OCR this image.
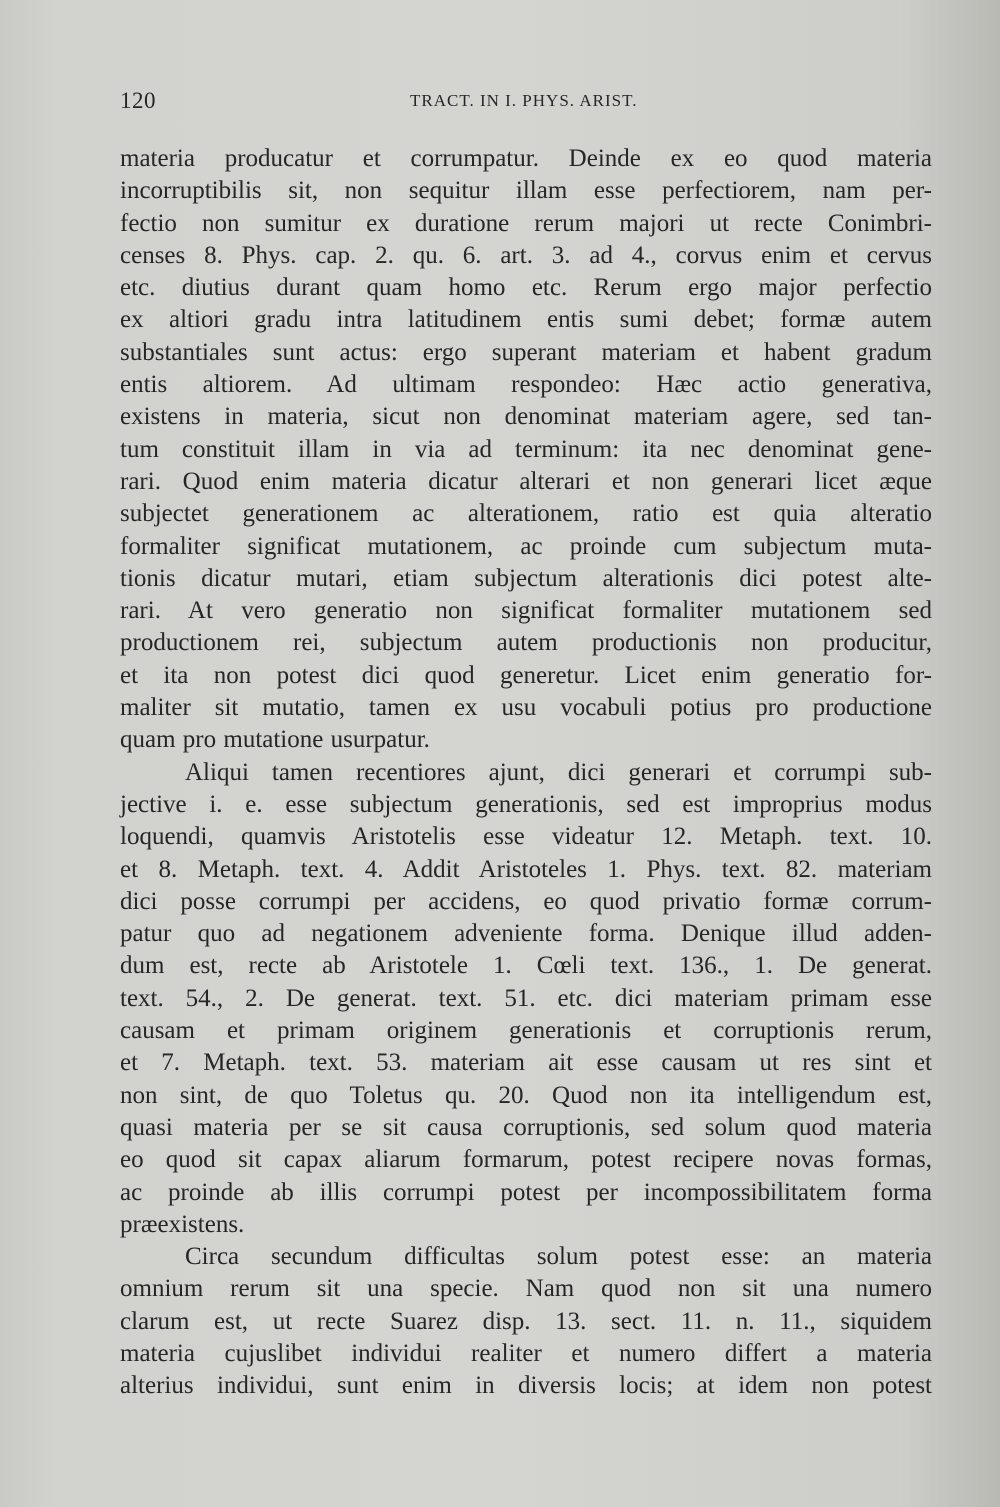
120	TRACT. IN I. PHYS. ARIST.
materia producatur et corrumpatur. Deinde ex eo quod materia
incorruptibilis sit, non sequitur illam esse perfectiorem, nam per-
fectio non sumitur ex duratione rerum majori ut recte Conimbri-
censes 8. Phys. cap. 2. qu. 6. art. 3. ad 4., corvus enim et cervus
etc. diutius durant quam homo etc. Rerum ergo major perfectio
ex altiori gradu intra latitudinem entis sumi debet; formæ autem
substantiales sunt actus: ergo superant materiam et habent gradum
entis altiorem. Ad ultimam respondeo: Hæc actio generativa,
existens in materia, sicut non denominat materiam agere, sed tan-
tum constituit illam in via ad terminum: ita nec denominat gene-
rari. Quod enim materia dicatur alterari et non generari licet æque
subjectet generationem ac alterationem, ratio est quia alteratio
formaliter significat mutationem, ac proinde cum subjectum muta-
tionis dicatur mutari, etiam subjectum alterationis dici potest alte-
rari. At vero generatio non significat formaliter mutationem sed
productionem rei, subjectum autem productionis non producitur,
et ita non potest dici quod generetur. Licet enim generatio for-
maliter sit mutatio, tamen ex usu vocabuli potius pro productione
quam pro mutatione usurpatur.
Aliqui tamen recentiores ajunt, dici generari et corrumpi sub-
jective i. e. esse subjectum generationis, sed est improprius modus
loquendi, quamvis Aristotelis esse videatur 12. Metaph. text. 10.
et 8. Metaph. text. 4. Addit Aristoteles 1. Phys. text. 82. materiam
dici posse corrumpi per accidens, eo quod privatio formæ corrum-
patur quo ad negationem adveniente forma. Denique illud adden-
dum est, recte ab Aristotele 1. Cœli text. 136., 1. De generat.
text. 54., 2. De generat. text. 51. etc. dici materiam primam esse
causam et primam originem generationis et corruptionis rerum,
et 7. Metaph. text. 53. materiam ait esse causam ut res sint et
non sint, de quo Toletus qu. 20. Quod non ita intelligendum est,
quasi materia per se sit causa corruptionis, sed solum quod materia
eo quod sit capax aliarum formarum, potest recipere novas formas,
ac proinde ab illis corrumpi potest per incompossibilitatem forma
præexistens.
Circa secundum difficultas solum potest esse: an materia
omnium rerum sit una specie. Nam quod non sit una numero
clarum est, ut recte Suarez disp. 13. sect. 11. n. 11., siquidem
materia cujuslibet individui realiter et numero differt a materia
alterius individui, sunt enim in diversis locis; at idem non potest
